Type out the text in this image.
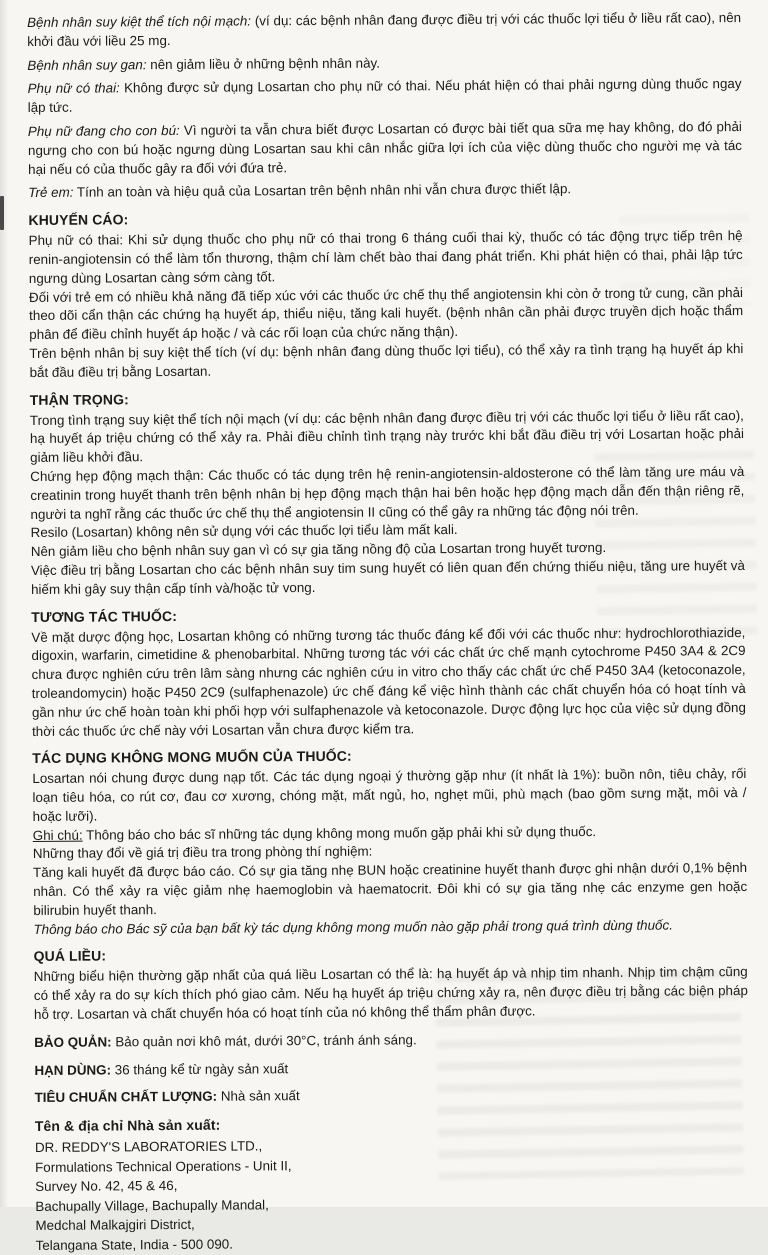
Bệnh nhân suy kiệt thể tích nội mạch: (ví dụ: các bệnh nhân đang được điều trị với các thuốc lợi tiểu ở liều rất cao), nên khởi đầu với liều 25 mg.

Bệnh nhân suy gan: nên giảm liều ở những bệnh nhân này.

Phụ nữ có thai: Không được sử dụng Losartan cho phụ nữ có thai. Nếu phát hiện có thai phải ngưng dùng thuốc ngay lập tức.

Phụ nữ đang cho con bú: Vì người ta vẫn chưa biết được Losartan có được bài tiết qua sữa mẹ hay không, do đó phải ngưng cho con bú hoặc ngưng dùng Losartan sau khi cân nhắc giữa lợi ích của việc dùng thuốc cho người mẹ và tác hại nếu có của thuốc gây ra đối với đứa trẻ.

Trẻ em: Tính an toàn và hiệu quả của Losartan trên bệnh nhân nhi vẫn chưa được thiết lập.

KHUYẾN CÁO:

Phụ nữ có thai: Khi sử dụng thuốc cho phụ nữ có thai trong 6 tháng cuối thai kỳ, thuốc có tác động trực tiếp trên hệ renin-angiotensin có thể làm tổn thương, thậm chí làm chết bào thai đang phát triển. Khi phát hiện có thai, phải lập tức ngưng dùng Losartan càng sớm càng tốt.

Đối với trẻ em có nhiều khả năng đã tiếp xúc với các thuốc ức chế thụ thể angiotensin khi còn ở trong tử cung, cần phải theo dõi cẩn thận các chứng hạ huyết áp, thiểu niệu, tăng kali huyết. (bệnh nhân cần phải được truyền dịch hoặc thẩm phân để điều chỉnh huyết áp hoặc / và các rối loạn của chức năng thận).

Trên bệnh nhân bị suy kiệt thể tích (ví dụ: bệnh nhân đang dùng thuốc lợi tiểu), có thể xảy ra tình trạng hạ huyết áp khi bắt đầu điều trị bằng Losartan.

THẬN TRỌNG:

Trong tình trạng suy kiệt thể tích nội mạch (ví dụ: các bệnh nhân đang được điều trị với các thuốc lợi tiểu ở liều rất cao), hạ huyết áp triệu chứng có thể xảy ra. Phải điều chỉnh tình trạng này trước khi bắt đầu điều trị với Losartan hoặc phải giảm liều khởi đầu.

Chứng hẹp động mạch thận: Các thuốc có tác dụng trên hệ renin-angiotensin-aldosterone có thể làm tăng ure máu và creatinin trong huyết thanh trên bệnh nhân bị hẹp động mạch thận hai bên hoặc hẹp động mạch dẫn đến thận riêng rẽ, người ta nghĩ rằng các thuốc ức chế thụ thể angiotensin II cũng có thể gây ra những tác động nói trên.

Resilo (Losartan) không nên sử dụng với các thuốc lợi tiểu làm mất kali.

Nên giảm liều cho bệnh nhân suy gan vì có sự gia tăng nồng độ của Losartan trong huyết tương.

Việc điều trị bằng Losartan cho các bệnh nhân suy tim sung huyết có liên quan đến chứng thiếu niệu, tăng ure huyết và hiếm khi gây suy thận cấp tính và/hoặc tử vong.

TƯƠNG TÁC THUỐC:

Về mặt dược động học, Losartan không có những tương tác thuốc đáng kể đối với các thuốc như: hydrochlorothiazide, digoxin, warfarin, cimetidine & phenobarbital. Những tương tác với các chất ức chế mạnh cytochrome P450 3A4 & 2C9 chưa được nghiên cứu trên lâm sàng nhưng các nghiên cứu in vitro cho thấy các chất ức chế P450 3A4 (ketoconazole, troleandomycin) hoặc P450 2C9 (sulfaphenazole) ức chế đáng kể việc hình thành các chất chuyển hóa có hoạt tính và gần như ức chế hoàn toàn khi phối hợp với sulfaphenazole và ketoconazole. Dược động lực học của việc sử dụng đồng thời các thuốc ức chế này với Losartan vẫn chưa được kiểm tra.

TÁC DỤNG KHÔNG MONG MUỐN CỦA THUỐC:

Losartan nói chung được dung nạp tốt. Các tác dụng ngoại ý thường gặp như (ít nhất là 1%): buồn nôn, tiêu chảy, rối loạn tiêu hóa, co rút cơ, đau cơ xương, chóng mặt, mất ngủ, ho, nghẹt mũi, phù mạch (bao gồm sưng mặt, môi và / hoặc lưỡi).

Ghi chú: Thông báo cho bác sĩ những tác dụng không mong muốn gặp phải khi sử dụng thuốc.

Những thay đổi về giá trị điều tra trong phòng thí nghiệm:

Tăng kali huyết đã được báo cáo. Có sự gia tăng nhẹ BUN hoặc creatinine huyết thanh được ghi nhận dưới 0,1% bệnh nhân. Có thể xảy ra việc giảm nhẹ haemoglobin và haematocrit. Đôi khi có sự gia tăng nhẹ các enzyme gen hoặc bilirubin huyết thanh.

Thông báo cho Bác sỹ của bạn bất kỳ tác dụng không mong muốn nào gặp phải trong quá trình dùng thuốc.

QUÁ LIỀU:

Những biểu hiện thường gặp nhất của quá liều Losartan có thể là: hạ huyết áp và nhịp tim nhanh. Nhịp tim chậm cũng có thể xảy ra do sự kích thích phó giao cảm. Nếu hạ huyết áp triệu chứng xảy ra, nên được điều trị bằng các biện pháp hỗ trợ. Losartan và chất chuyển hóa có hoạt tính của nó không thể thẩm phân được.

BẢO QUẢN: Bảo quản nơi khô mát, dưới 30°C, tránh ánh sáng.

HẠN DÙNG: 36 tháng kể từ ngày sản xuất

TIÊU CHUẨN CHẤT LƯỢNG: Nhà sản xuất

Tên & địa chỉ Nhà sản xuất:
DR. REDDY'S LABORATORIES LTD.,
Formulations Technical Operations - Unit II,
Survey No. 42, 45 & 46,
Bachupally Village, Bachupally Mandal,
Medchal Malkajgiri District,
Telangana State, India - 500 090.
